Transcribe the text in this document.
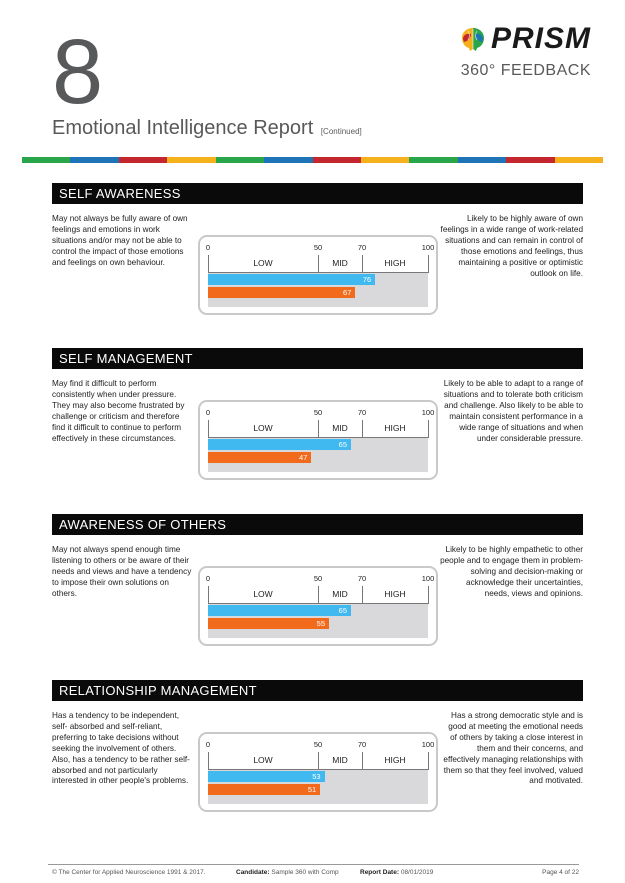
8
Emotional Intelligence Report [Continued]
PRISM
360° FEEDBACK
SELF AWARENESS
May not always be fully aware of own feelings and emotions in work situations and/or may not be able to control the impact of those emotions and feelings on own behaviour.
Likely to be highly aware of own feelings in a wide range of work-related situations and can remain in control of those emotions and feelings, thus maintaining a positive or optimistic outlook on life.
0	50	70	100
LOW	MID	HIGH
76
67
SELF MANAGEMENT
May find it difficult to perform consistently when under pressure. They may also become frustrated by challenge or criticism and therefore find it difficult to continue to perform effectively in these circumstances.
Likely to be able to adapt to a range of situations and to tolerate both criticism and challenge. Also likely to be able to maintain consistent performance in a wide range of situations and when under considerable pressure.
0	50	70	100
LOW	MID	HIGH
65
47
AWARENESS OF OTHERS
May not always spend enough time listening to others or be aware of their needs and views and have a tendency to impose their own solutions on others.
Likely to be highly empathetic to other people and to engage them in problem-solving and decision-making or acknowledge their uncertainties, needs, views and opinions.
0	50	70	100
LOW	MID	HIGH
65
55
RELATIONSHIP MANAGEMENT
Has a tendency to be independent, self- absorbed and self-reliant, preferring to take decisions without seeking the involvement of others. Also, has a tendency to be rather self-absorbed and not particularly interested in other people's problems.
Has a strong democratic style and is good at meeting the emotional needs of others by taking a close interest in them and their concerns, and effectively managing relationships with them so that they feel involved, valued and motivated.
0	50	70	100
LOW	MID	HIGH
53
51
© The Center for Applied Neuroscience 1991 & 2017.	Candidate: Sample 360 with Comp	Report Date: 08/01/2019	Page 4 of 22
